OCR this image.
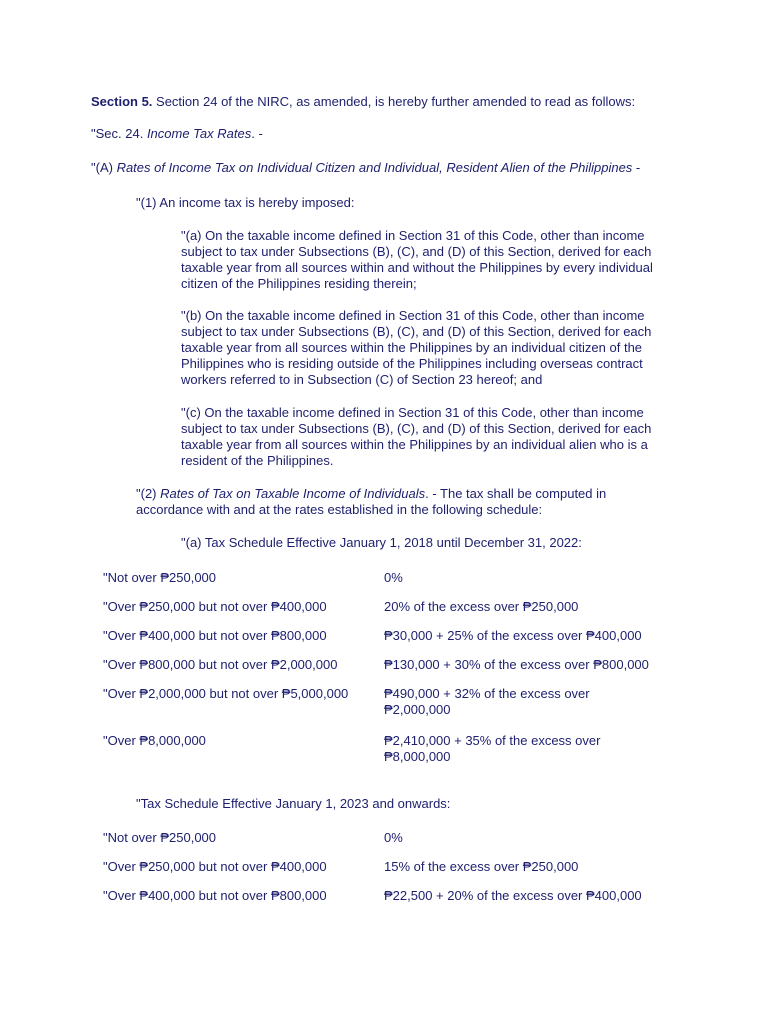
Section 5. Section 24 of the NIRC, as amended, is hereby further amended to read as follows:
"Sec. 24. Income Tax Rates. -
"(A) Rates of Income Tax on Individual Citizen and Individual, Resident Alien of the Philippines -
"(1) An income tax is hereby imposed:
"(a) On the taxable income defined in Section 31 of this Code, other than income subject to tax under Subsections (B), (C), and (D) of this Section, derived for each taxable year from all sources within and without the Philippines by every individual citizen of the Philippines residing therein;
"(b) On the taxable income defined in Section 31 of this Code, other than income subject to tax under Subsections (B), (C), and (D) of this Section, derived for each taxable year from all sources within the Philippines by an individual citizen of the Philippines who is residing outside of the Philippines including overseas contract workers referred to in Subsection (C) of Section 23 hereof; and
"(c) On the taxable income defined in Section 31 of this Code, other than income subject to tax under Subsections (B), (C), and (D) of this Section, derived for each taxable year from all sources within the Philippines by an individual alien who is a resident of the Philippines.
"(2) Rates of Tax on Taxable Income of Individuals. - The tax shall be computed in accordance with and at the rates established in the following schedule:
"(a) Tax Schedule Effective January 1, 2018 until December 31, 2022:
"Not over ₱250,000	0%
"Over ₱250,000 but not over ₱400,000	20% of the excess over ₱250,000
"Over ₱400,000 but not over ₱800,000	₱30,000 + 25% of the excess over ₱400,000
"Over ₱800,000 but not over ₱2,000,000	₱130,000 + 30% of the excess over ₱800,000
"Over ₱2,000,000 but not over ₱5,000,000	₱490,000 + 32% of the excess over ₱2,000,000
"Over ₱8,000,000	₱2,410,000 + 35% of the excess over ₱8,000,000
"Tax Schedule Effective January 1, 2023 and onwards:
"Not over ₱250,000	0%
"Over ₱250,000 but not over ₱400,000	15% of the excess over ₱250,000
"Over ₱400,000 but not over ₱800,000	₱22,500 + 20% of the excess over ₱400,000
